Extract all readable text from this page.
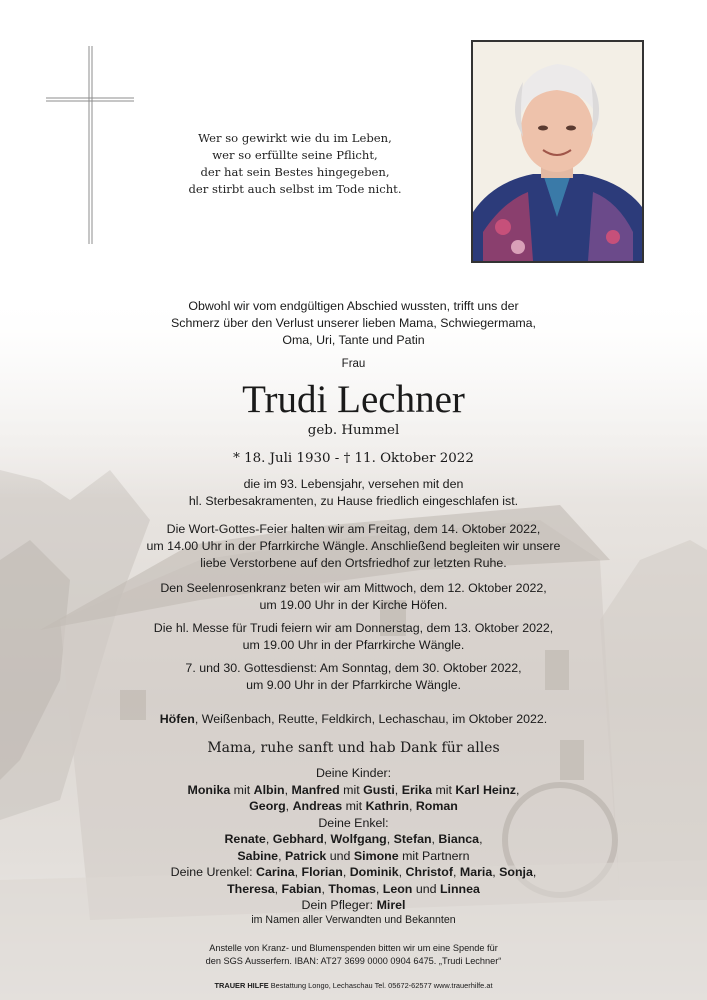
Wer so gewirkt wie du im Leben,
wer so erfüllte seine Pflicht,
der hat sein Bestes hingegeben,
der stirbt auch selbst im Tode nicht.
Obwohl wir vom endgültigen Abschied wussten, trifft uns der
Schmerz über den Verlust unserer lieben Mama, Schwiegermama,
Oma, Uri, Tante und Patin
Frau
Trudi Lechner
geb. Hummel
* 18. Juli 1930 - † 11. Oktober 2022
die im 93. Lebensjahr, versehen mit den
hl. Sterbesakramenten, zu Hause friedlich eingeschlafen ist.
Die Wort-Gottes-Feier halten wir am Freitag, dem 14. Oktober 2022,
um 14.00 Uhr in der Pfarrkirche Wängle. Anschließend begleiten wir unsere
liebe Verstorbene auf den Ortsfriedhof zur letzten Ruhe.
Den Seelenrosenkranz beten wir am Mittwoch, dem 12. Oktober 2022,
um 19.00 Uhr in der Kirche Höfen.
Die hl. Messe für Trudi feiern wir am Donnerstag, dem 13. Oktober 2022,
um 19.00 Uhr in der Pfarrkirche Wängle.
7. und 30. Gottesdienst: Am Sonntag, dem 30. Oktober 2022,
um 9.00 Uhr in der Pfarrkirche Wängle.
Höfen, Weißenbach, Reutte, Feldkirch, Lechaschau, im Oktober 2022.
Mama, ruhe sanft und hab Dank für alles
Deine Kinder:
Monika mit Albin, Manfred mit Gusti, Erika mit Karl Heinz,
Georg, Andreas mit Kathrin, Roman
Deine Enkel:
Renate, Gebhard, Wolfgang, Stefan, Bianca,
Sabine, Patrick und Simone mit Partnern
Deine Urenkel: Carina, Florian, Dominik, Christof, Maria, Sonja,
Theresa, Fabian, Thomas, Leon und Linnea
Dein Pfleger: Mirel
im Namen aller Verwandten und Bekannten
Anstelle von Kranz- und Blumenspenden bitten wir um eine Spende für
den SGS Ausserfern. IBAN: AT27 3699 0000 0904 6475. „Trudi Lechner“
TRAUER HILFE Bestattung Longo, Lechaschau Tel. 05672-62577 www.trauerhilfe.at
